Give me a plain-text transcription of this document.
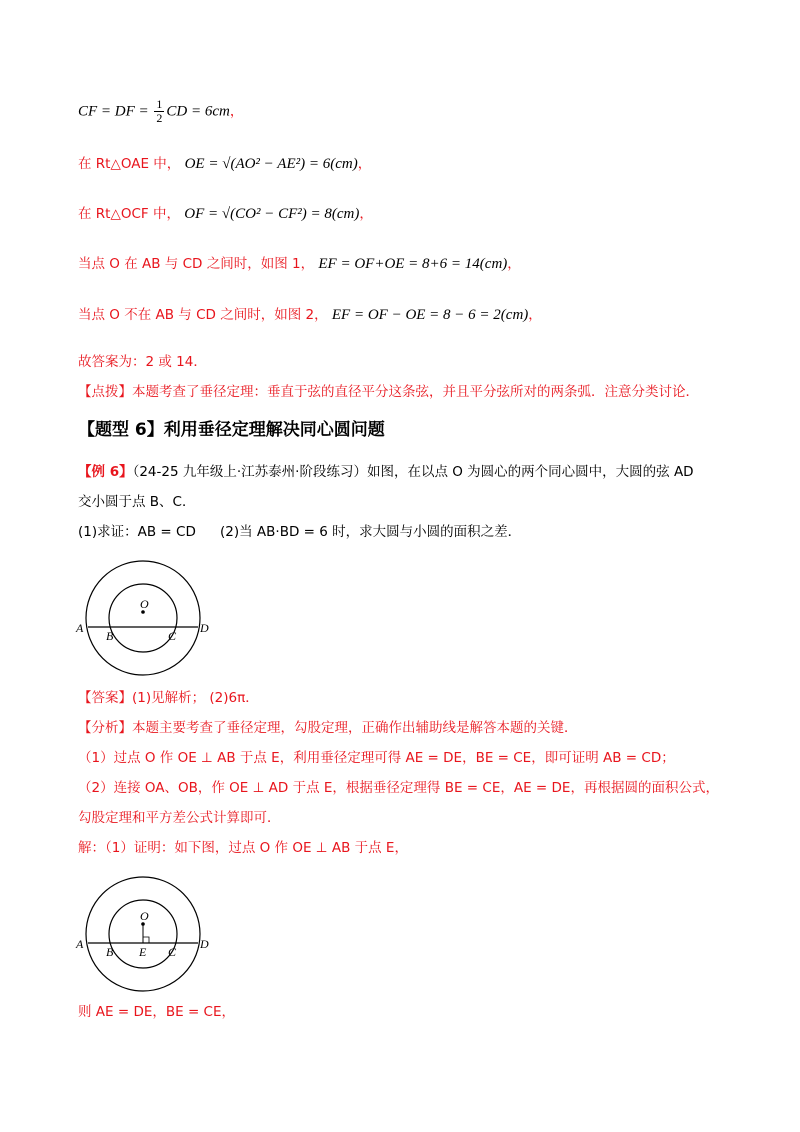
CF = DF = $\frac{1}{2}$ CD = 6cm，
在 Rt△OAE 中， OE = √(AO² − AE²) = 6(cm)，
在 Rt△OCF 中， OF = √(CO² − CF²) = 8(cm)，
当点 O 在 AB 与 CD 之间时，如图 1， EF = OF+OE = 8+6 = 14(cm)，
当点 O 不在 AB 与 CD 之间时，如图 2， EF = OF − OE = 8 − 6 = 2(cm)，
故答案为：2 或 14．
【点拨】本题考查了垂径定理：垂直于弦的直径平分这条弦，并且平分弦所对的两条弧．注意分类讨论．
【题型 6】利用垂径定理解决同心圆问题
【例 6】（24-25 九年级上·江苏泰州·阶段练习）如图，在以点 O 为圆心的两个同心圆中，大圆的弦 AD
交小圆于点 B、C．
(1)求证：AB = CD (2)当 AB·BD = 6 时，求大圆与小圆的面积之差．
O
A
B	C
D
【答案】(1)见解析； (2)6π．
【分析】本题主要考查了垂径定理，勾股定理，正确作出辅助线是解答本题的关键．
（1）过点 O 作 OE ⊥ AB 于点 E，利用垂径定理可得 AE = DE，BE = CE，即可证明 AB = CD；
（2）连接 OA、OB，作 OE ⊥ AD 于点 E，根据垂径定理得 BE = CE，AE = DE，再根据圆的面积公式，
勾股定理和平方差公式计算即可．
解：（1）证明：如下图，过点 O 作 OE ⊥ AB 于点 E，
O
A
B E C
D
则 AE = DE，BE = CE，
